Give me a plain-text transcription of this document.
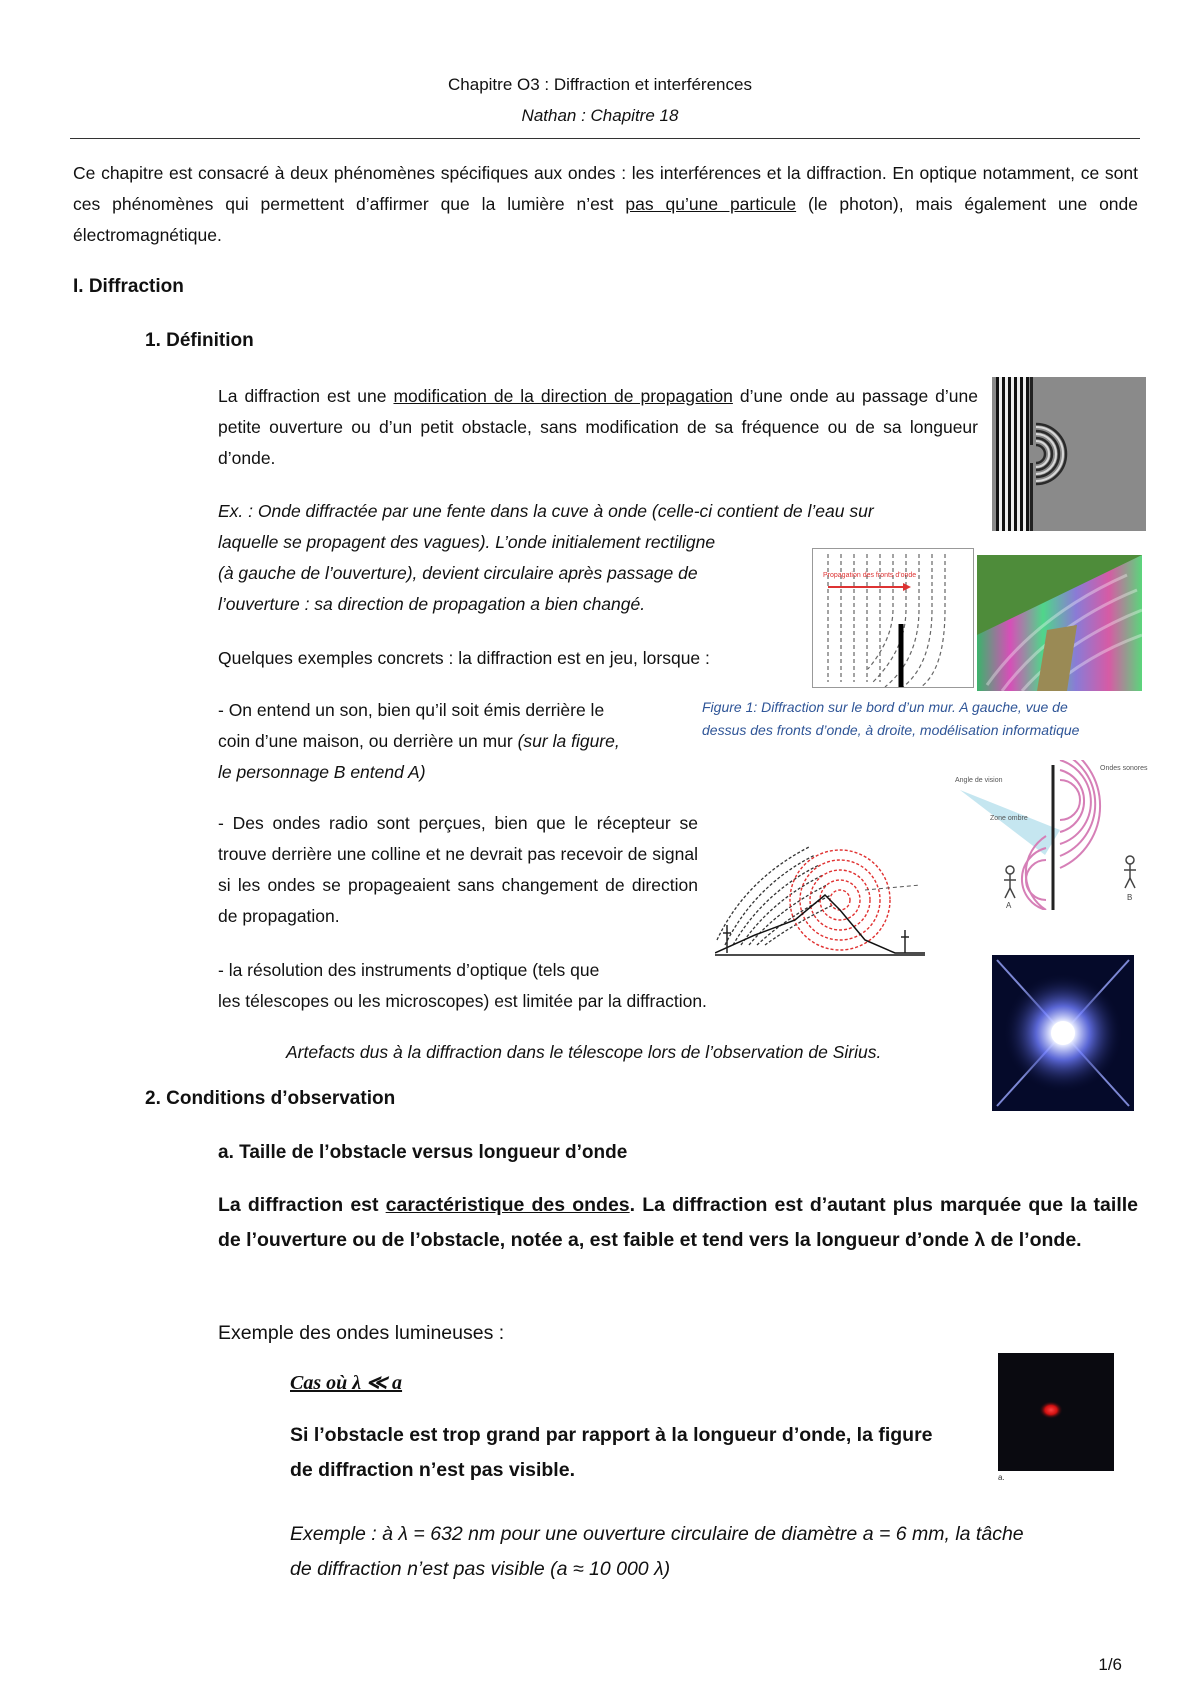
Chapitre O3 : Diffraction et interférences
Nathan : Chapitre 18
Ce chapitre est consacré à deux phénomènes spécifiques aux ondes : les interférences et la diffraction. En optique notamment, ce sont ces phénomènes qui permettent d’affirmer que la lumière n’est pas qu’une particule (le photon), mais également une onde électromagnétique.
I. Diffraction
1. Définition
La diffraction est une modification de la direction de propagation d’une onde au passage d’une petite ouverture ou d’un petit obstacle, sans modification de sa fréquence ou de sa longueur d’onde.
Ex. : Onde diffractée par une fente dans la cuve à onde (celle-ci contient de l’eau sur
laquelle se propagent des vagues). L’onde initialement rectiligne
(à gauche de l’ouverture), devient circulaire après passage de
l’ouverture : sa direction de propagation a bien changé.
Quelques exemples concrets : la diffraction est en jeu, lorsque :
- On entend un son, bien qu’il soit émis derrière le
coin d’une maison, ou derrière un mur (sur la figure,
le personnage B entend A)
- Des ondes radio sont perçues, bien que le récepteur se trouve derrière une colline et ne devrait pas recevoir de signal si les ondes se propageaient sans changement de direction de propagation.
- la résolution des instruments d’optique (tels que
les télescopes ou les microscopes) est limitée par la diffraction.
Artefacts dus à la diffraction dans le télescope lors de l’observation de Sirius.
Figure 1: Diffraction sur le bord d’un mur. A gauche, vue de
dessus des fronts d’onde, à droite, modélisation informatique
Propagation des fronts d'onde
Angle de vision
Zone ombre
Ondes sonores
A
B
2. Conditions d’observation
a. Taille de l’obstacle versus longueur d’onde
La diffraction est caractéristique des ondes. La diffraction est d’autant plus marquée que la taille de l’ouverture ou de l’obstacle, notée a, est faible et tend vers la longueur d’onde λ de l’onde.
Exemple des ondes lumineuses :
Cas où λ ≪ a
Si l’obstacle est trop grand par rapport à la longueur d’onde, la figure
de diffraction n’est pas visible.
Exemple : à λ = 632 nm pour une ouverture circulaire de diamètre a = 6 mm, la tâche
de diffraction n’est pas visible (a ≈ 10 000 λ)
a.
1/6
